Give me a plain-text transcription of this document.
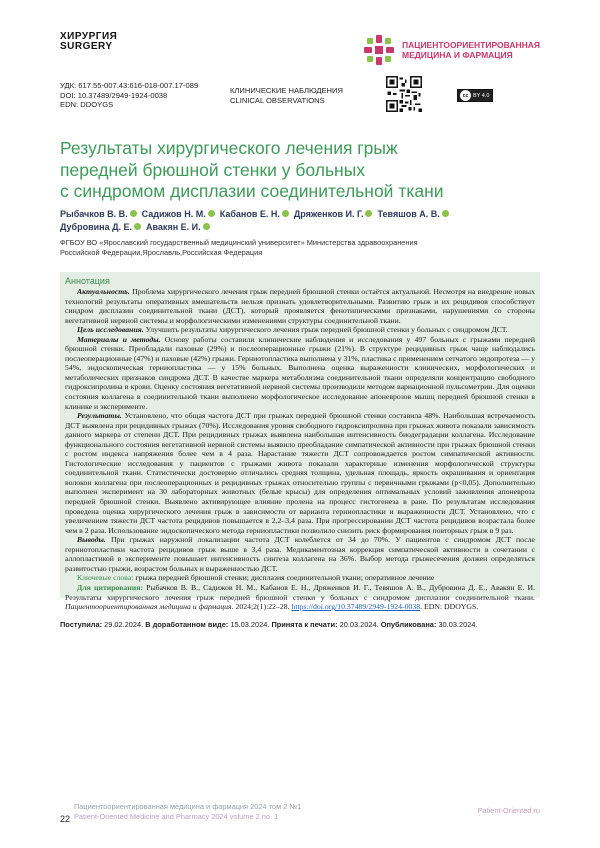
ХИРУРГИЯ
SURGERY	ПАЦИЕНТООРИЕНТИРОВАННАЯ
МЕДИЦИНА И ФАРМАЦИЯ
УДК: 617.55-007.43:616-018-007.17-089
DOI: 10.37489/2949-1924-0038
EDN: DDOYGS
КЛИНИЧЕСКИЕ НАБЛЮДЕНИЯ
CLINICAL OBSERVATIONS
cc BY 4.0
Результаты хирургического лечения грыж
передней брюшной стенки у больных
с синдромом дисплазии соединительной ткани
Рыбачков В. В. Садижов Н. М. Кабанов Е. Н. Дряженков И. Г. Тевяшов А. В.
Дубровина Д. Е. Авакян Е. И.
ФГБОУ ВО «Ярославский государственный медицинский университет» Министерства здравоохранения
Российской Федерации,Ярославль,Российская Федерация
Аннотация

Актуальность. Проблема хирургического лечения грыж передней брюшной стенки остаётся актуальной. Несмотря на внедрение новых технологий результаты оперативных вмешательств нельзя признать удовлетворительными. Развитию грыж и их рецидивов способствует синдром дисплазии соединительной ткани (ДСТ), который проявляется фенотипическими признаками, нарушениями со стороны вегетативной нервной системы и морфологическими изменениями структуры соединительной ткани.

Цель исследования. Улучшить результаты хирургического лечения грыж передней брюшной стенки у больных с синдромом ДСТ.

Материалы и методы. Основу работы составили клинические наблюдения и исследования у 497 больных с грыжами передней брюшной стенки. Преобладали паховые (29%) и послеоперационные грыжи (21%). В структуре рецидивных грыж чаще наблюдались послеоперационные (47%) и паховые (42%) грыжи. Герниотопластика выполнена у 31%, пластика с применением сетчатого эндопротеза — у 54%, эндоскопическая герниопластика — у 15% больных. Выполнена оценка выраженности клинических, морфологических и метаболических признаков синдрома ДСТ. В качестве маркера метаболизма соединительной ткани определяли концентрацию свободного гидроксипролина в крови. Оценку состояния вегетативной нервной системы производили методом вариационной пульсометрии. Для оценки состояния коллагена в соединительной ткани выполнено морфологическое исследование апоневрозов мышц передней брюшной стенки в клинике и эксперименте.

Результаты. Установлено, что общая частота ДСТ при грыжах передней брюшной стенки составила 48%. Наибольшая встречаемость ДСТ выявлена при рецидивных грыжах (70%). Исследования уровня свободного гидроксипролина при грыжах живота показали зависимость данного маркера от степени ДСТ. При рецидивных грыжах выявлена наибольшая интенсивность биодеградации коллагена. Исследование функционального состояния вегетативной нервной системы выявило преобладание симпатической активности при грыжах брюшной стенки с ростом индекса напряжения более чем в 4 раза. Нарастание тяжести ДСТ сопровождается ростом симпатической активности. Гистологические исследования у пациентов с грыжами живота показали характерные изменения морфологической структуры соединительной ткани. Статистически достоверно отличались средняя толщина, удельная площадь, яркость окрашивания и ориентация волокон коллагена при послеоперационных и рецидивных грыжах относительно группы с первичными грыжами (p<0,05). Дополнительно выполнен эксперимент на 30 лабораторных животных (белые крысы) для определения оптимальных условий заживления апоневроза передней брюшной стенки. Выявлено активирующее влияние пролена на процесс гистогенеза в ране. По результатам исследования проведена оценка хирургического лечения грыж в зависимости от варианта герниопластики и выраженности ДСТ. Установлено, что с увеличением тяжести ДСТ частота рецидивов повышается в 2,2–3,4 раза. При прогрессировании ДСТ частота рецидивов возрастала более чем в 2 раза. Использование эндоскопического метода герниопластики позволило снизить риск формирования повторных грыж в 9 раз.

Выводы. При грыжах наружной локализации частота ДСТ колеблется от 34 до 70%. У пациентов с синдромом ДСТ после герниотопластики частота рецидивов грыж выше в 3,4 раза. Медикаментозная коррекция симпатической активности в сочетании с аллопластикой в эксперименте повышает интенсивность синтеза коллагена на 36%. Выбор метода грыжесечения должен определяться развитостью грыжи, возрастом больных и выраженностью ДСТ.

Ключевые слова: грыжа передней брюшной стенки; дисплазия соединительной ткани; оперативное лечение

Для цитирования: Рыбачков В. В., Садижов Н. М., Кабанов Е. Н., Дряженков И. Г., Тевяшов А. В., Дубровина Д. Е., Авакян Е. И. Результаты хирургического лечения грыж передней брюшной стенки у больных с синдромом дисплазии соединительной ткани. Пациентоориентированная медицина и фармация. 2024;2(1):22–28. https://doi.org/10.37489/2949-1924-0038. EDN: DDOYGS.

Поступила: 29.02.2024. В доработанном виде: 15.03.2024. Принята к печати: 20.03.2024. Опубликована: 30.03.2024.
22
Пациентоориентированная медицина и фармация 2024 том 2 №1
Patient-Oriented Medicine and Pharmacy 2024 volume 2 no. 1
Patient-Oriented.ru
